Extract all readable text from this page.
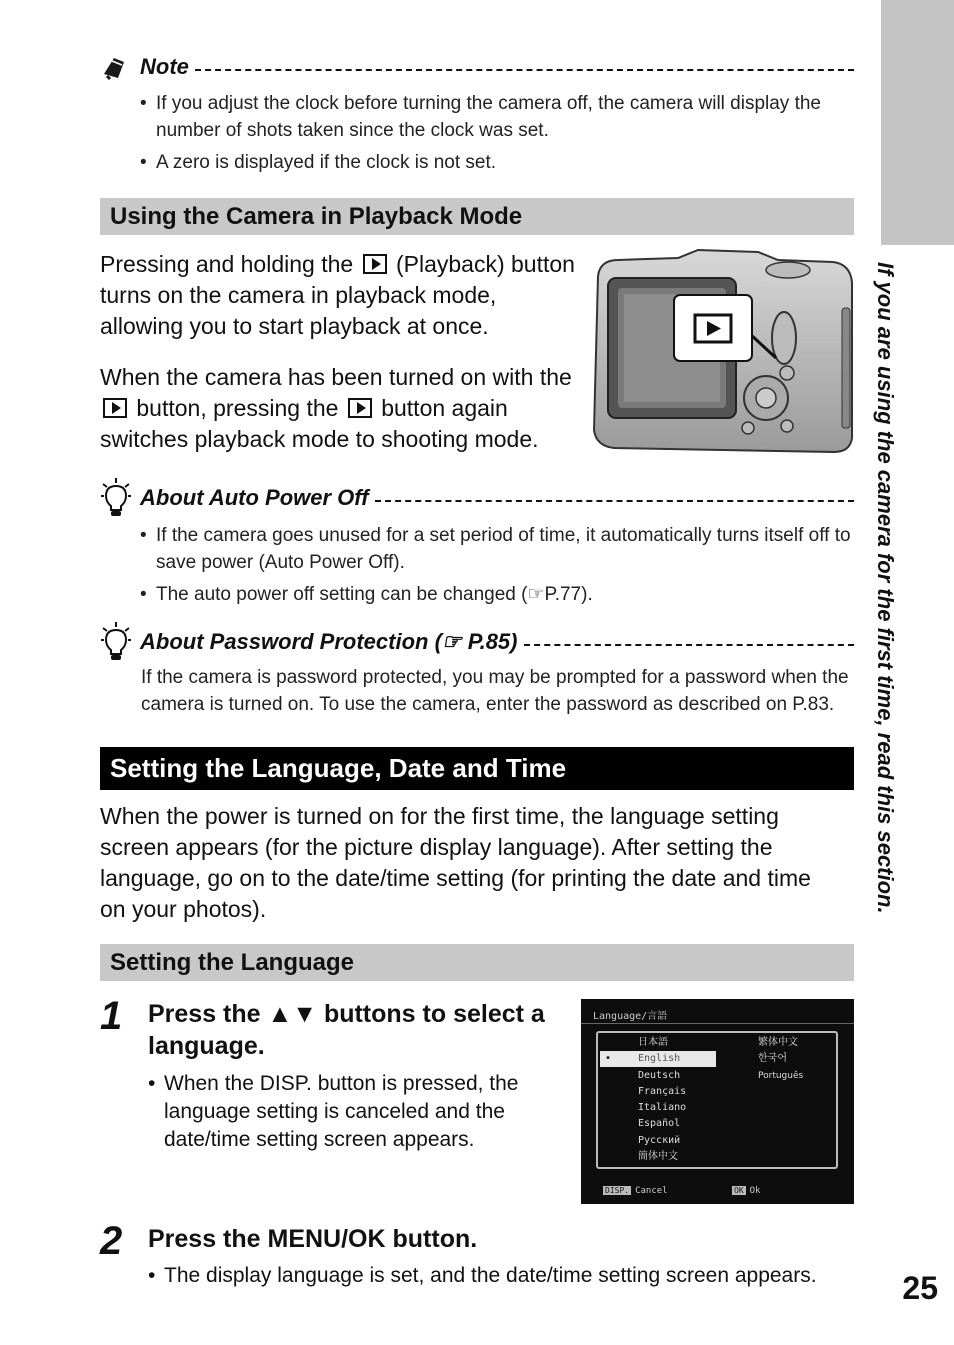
If you are using the camera for the first time, read this section.
Note
• If you adjust the clock before turning the camera off, the camera will display the number of shots taken since the clock was set.
• A zero is displayed if the clock is not set.
Using the Camera in Playback Mode
Pressing and holding the (Playback) button turns on the camera in playback mode, allowing you to start playback at once.
When the camera has been turned on with the  button, pressing the button again switches playback mode to shooting mode.
About Auto Power Off
• If the camera goes unused for a set period of time, it automatically turns itself off to save power (Auto Power Off).
• The auto power off setting can be changed (☞P.77).
About Password Protection (☞ P.85)
If the camera is password protected, you may be prompted for a password when the camera is turned on. To use the camera, enter the password as described on P.83.
Setting the Language, Date and Time
When the power is turned on for the first time, the language setting screen appears (for the picture display language). After setting the language, go on to the date/time setting (for printing the date and time on your photos).
Setting the Language
1 Press the ▲▼ buttons to select a language.
• When the DISP. button is pressed, the language setting is canceled and the date/time setting screen appears.
Language/言語
•
日本語
English
Deutsch
Français
Italiano
Español
Русский
簡体中文
繁体中文
한국어
Português
DISP. Cancel	OK Ok
2 Press the MENU/OK button.
• The display language is set, and the date/time setting screen appears.	25
